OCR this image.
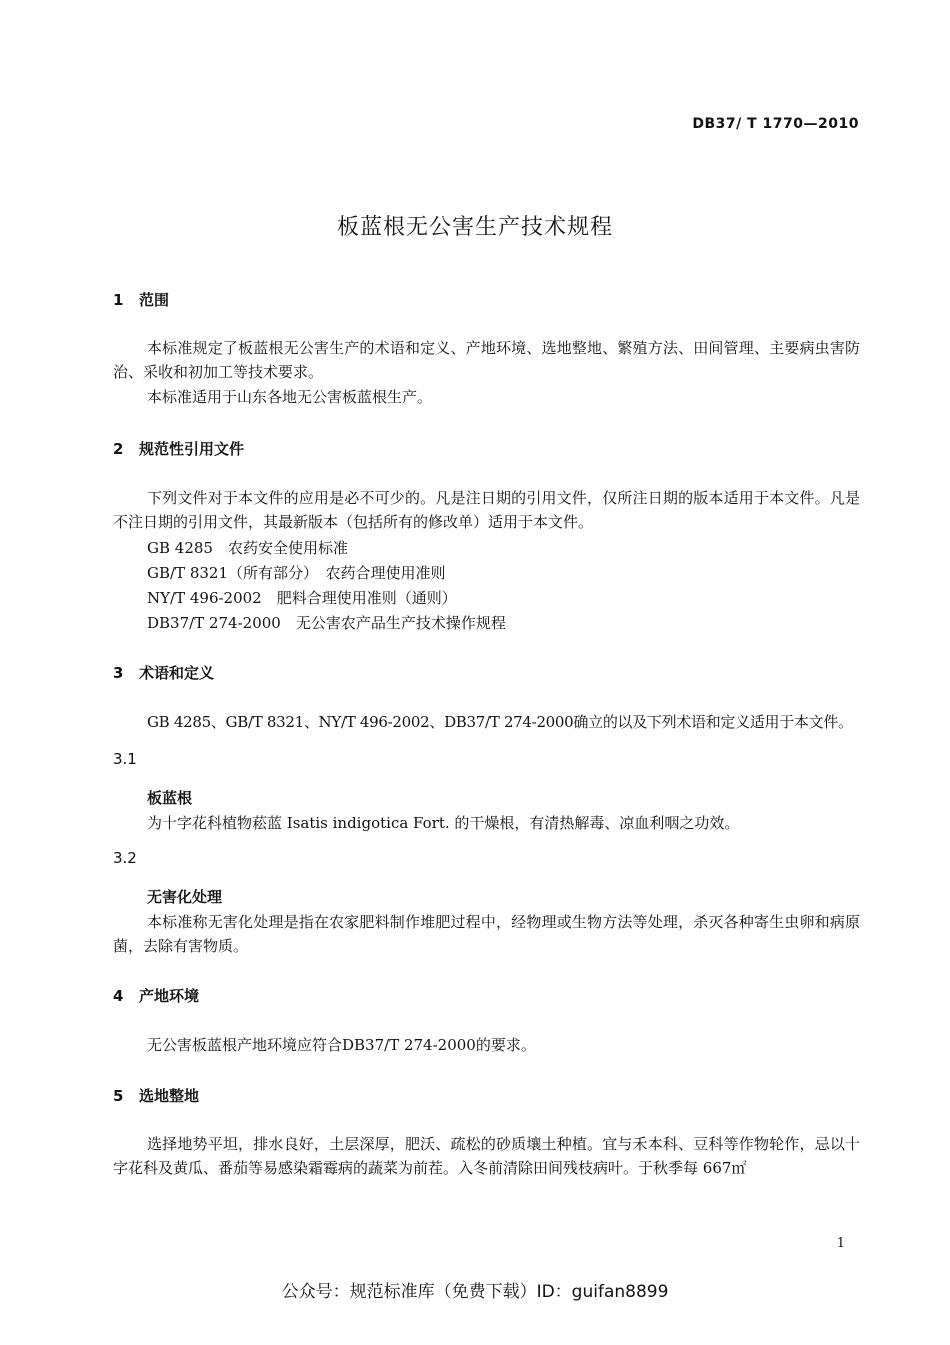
DB37/ T 1770—2010
板蓝根无公害生产技术规程
1 范围
本标准规定了板蓝根无公害生产的术语和定义、产地环境、选地整地、繁殖方法、田间管理、主要病虫害防治、采收和初加工等技术要求。
本标准适用于山东各地无公害板蓝根生产。
2 规范性引用文件
下列文件对于本文件的应用是必不可少的。凡是注日期的引用文件，仅所注日期的版本适用于本文件。凡是不注日期的引用文件，其最新版本（包括所有的修改单）适用于本文件。
GB 4285　农药安全使用标准
GB/T 8321（所有部分）　农药合理使用准则
NY/T 496-2002　肥料合理使用准则（通则）
DB37/T 274-2000　无公害农产品生产技术操作规程
3 术语和定义
GB 4285、GB/T 8321、NY/T 496-2002、DB37/T 274-2000确立的以及下列术语和定义适用于本文件。
3.1
板蓝根
为十字花科植物菘蓝 Isatis indigotica Fort. 的干燥根，有清热解毒、凉血利咽之功效。
3.2
无害化处理
本标准称无害化处理是指在农家肥料制作堆肥过程中，经物理或生物方法等处理，杀灭各种寄生虫卵和病原菌，去除有害物质。
4 产地环境
无公害板蓝根产地环境应符合DB37/T 274-2000的要求。
5 选地整地
选择地势平坦，排水良好，土层深厚，肥沃、疏松的砂质壤土种植。宜与禾本科、豆科等作物轮作，忌以十字花科及黄瓜、番茄等易感染霜霉病的蔬菜为前茬。入冬前清除田间残枝病叶。于秋季每 667㎡
1
公众号：规范标准库（免费下载）ID：guifan8899
